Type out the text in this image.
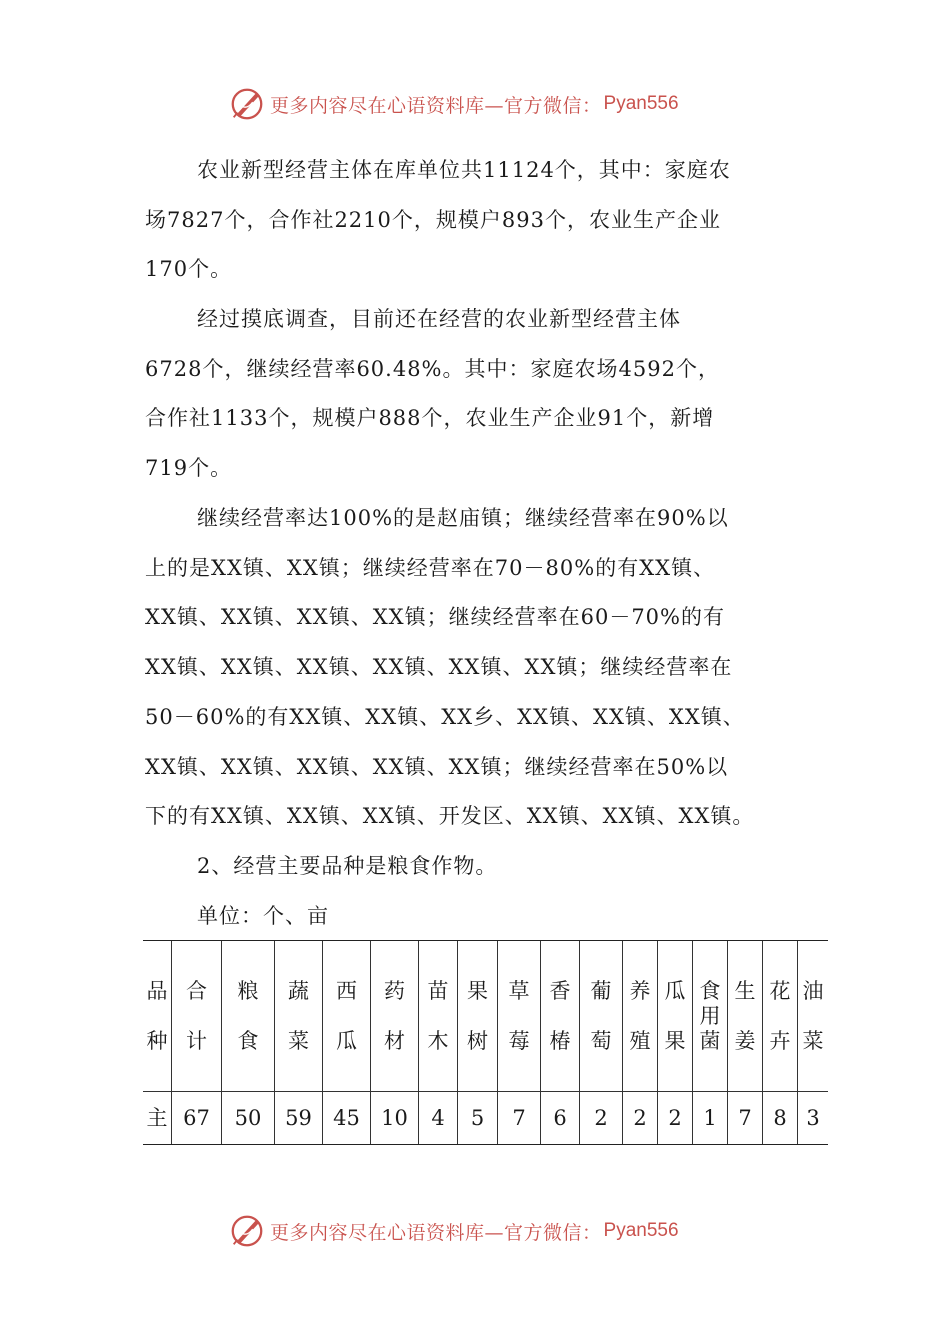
更多内容尽在心语资料库—官方微信： Pyan556
农业新型经营主体在库单位共11124个，其中：家庭农
场7827个，合作社2210个，规模户893个，农业生产企业
170个。
经过摸底调查，目前还在经营的农业新型经营主体
6728个，继续经营率60.48%。其中：家庭农场4592个，
合作社1133个，规模户888个，农业生产企业91个，新增
719个。
继续经营率达100%的是赵庙镇；继续经营率在90%以
上的是XX镇、XX镇；继续经营率在70－80%的有XX镇、
XX镇、XX镇、XX镇、XX镇；继续经营率在60－70%的有
XX镇、XX镇、XX镇、XX镇、XX镇、XX镇；继续经营率在
50－60%的有XX镇、XX镇、XX乡、XX镇、XX镇、XX镇、
XX镇、XX镇、XX镇、XX镇、XX镇；继续经营率在50%以
下的有XX镇、XX镇、XX镇、开发区、XX镇、XX镇、XX镇。
2、经营主要品种是粮食作物。
单位：个、亩
品种	合计	粮食	蔬菜	西瓜	药材	苗木	果树	草莓	香椿	葡萄	养殖	瓜果	食用菌	生姜	花卉	油菜
主	67	50	59	45	10	4	5	7	6	2	2	2	1	7	8	3
更多内容尽在心语资料库—官方微信： Pyan556
